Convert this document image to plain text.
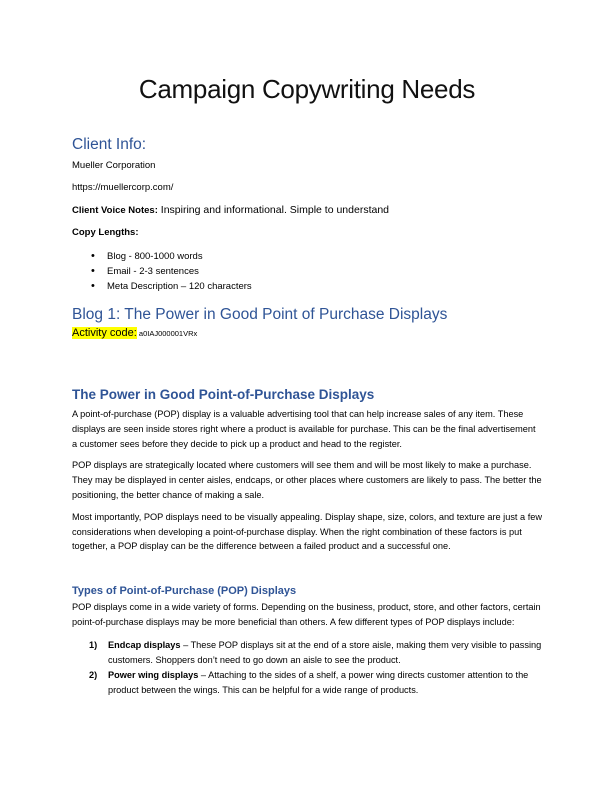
Campaign Copywriting Needs
Client Info:
Mueller Corporation
https://muellercorp.com/
Client Voice Notes: Inspiring and informational. Simple to understand
Copy Lengths:
• Blog - 800-1000 words
• Email - 2-3 sentences
• Meta Description – 120 characters
Blog 1: The Power in Good Point of Purchase Displays
Activity code: a0IAJ000001VRx
The Power in Good Point-of-Purchase Displays

A point-of-purchase (POP) display is a valuable advertising tool that can help increase sales of any item. These displays are seen inside stores right where a product is available for purchase. This can be the final advertisement a customer sees before they decide to pick up a product and head to the register.

POP displays are strategically located where customers will see them and will be most likely to make a purchase. They may be displayed in center aisles, endcaps, or other places where customers are likely to pass. The better the positioning, the better chance of making a sale.

Most importantly, POP displays need to be visually appealing. Display shape, size, colors, and texture are just a few considerations when developing a point-of-purchase display. When the right combination of these factors is put together, a POP display can be the difference between a failed product and a successful one.

Types of Point-of-Purchase (POP) Displays

POP displays come in a wide variety of forms. Depending on the business, product, store, and other factors, certain point-of-purchase displays may be more beneficial than others. A few different types of POP displays include:

1) Endcap displays – These POP displays sit at the end of a store aisle, making them very visible to passing customers. Shoppers don’t need to go down an aisle to see the product.
2) Power wing displays – Attaching to the sides of a shelf, a power wing directs customer attention to the product between the wings. This can be helpful for a wide range of products.
